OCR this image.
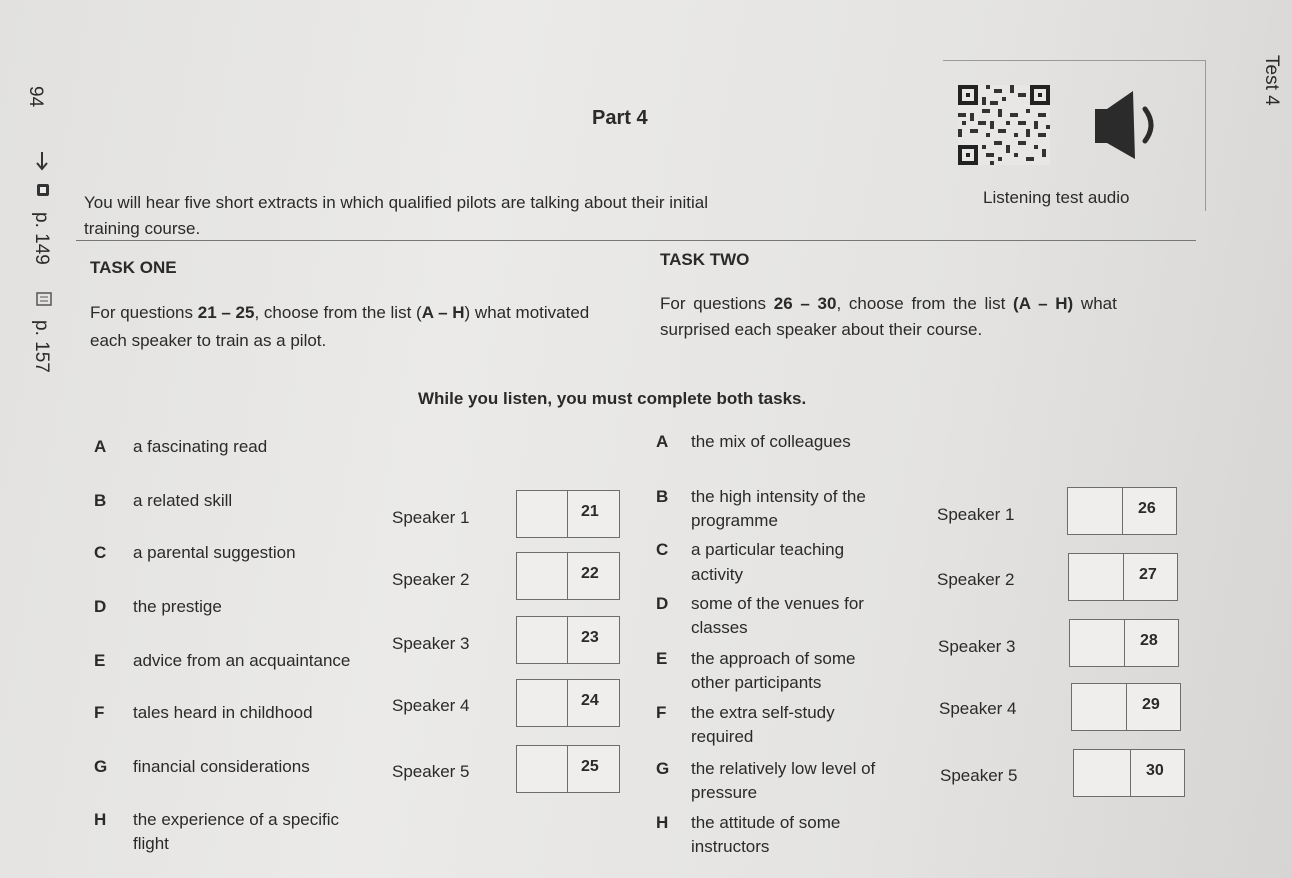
94	Test 4
p. 149
p. 157
Part 4
Listening test audio
You will hear five short extracts in which qualified pilots are talking about their initial
training course.
TASK ONE	TASK TWO
For questions 21 – 25, choose from the list (A – H) what motivated
each speaker to train as a pilot.
For questions 26 – 30, choose from the list (A – H) what
surprised each speaker about their course.
While you listen, you must complete both tasks.
A a fascinating read
B a related skill
C a parental suggestion
D the prestige
E advice from an acquaintance
F tales heard in childhood
G financial considerations
H the experience of a specific
flight
Speaker 1	21
Speaker 2	22
Speaker 3	23
Speaker 4	24
Speaker 5	25
A the mix of colleagues
B the high intensity of the
programme
C a particular teaching
activity
D some of the venues for
classes
E the approach of some
other participants
F the extra self-study
required
G the relatively low level of
pressure
H the attitude of some
instructors
Speaker 1	26
Speaker 2	27
Speaker 3	28
Speaker 4	29
Speaker 5	30
